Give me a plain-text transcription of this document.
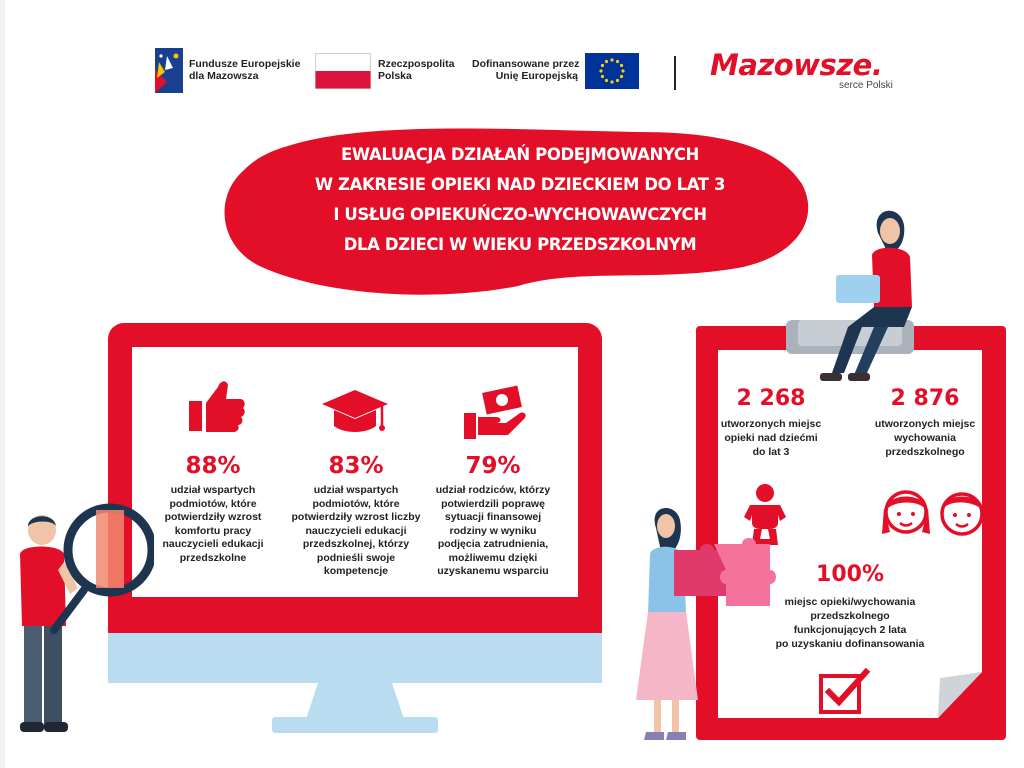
Fundusze Europejskie
dla Mazowsza
Rzeczpospolita
Polska
Dofinansowane przez
Unię Europejską	Mazowsze.
serce Polski
EWALUACJA DZIAŁAŃ PODEJMOWANYCH
W ZAKRESIE OPIEKI NAD DZIECKIEM DO LAT 3
I USŁUG OPIEKUŃCZO-WYCHOWAWCZYCH
DLA DZIECI W WIEKU PRZEDSZKOLNYM
88%
udział wspartych
podmiotów, które
potwierdziły wzrost
komfortu pracy
nauczycieli edukacji
przedszkolne
83%
udział wspartych
podmiotów, które
potwierdziły wzrost liczby
nauczycieli edukacji
przedszkolnej, którzy
podnieśli swoje
kompetencje
79%
udział rodziców, którzy
potwierdzili poprawę
sytuacji finansowej
rodziny w wyniku
podjęcia zatrudnienia,
możliwemu dzięki
uzyskanemu wsparciu
2 268
utworzonych miejsc
opieki nad dziećmi
do lat 3
2 876
utworzonych miejsc
wychowania
przedszkolnego
100%
miejsc opieki/wychowania
przedszkolnego
funkcjonujących 2 lata
po uzyskaniu dofinansowania
